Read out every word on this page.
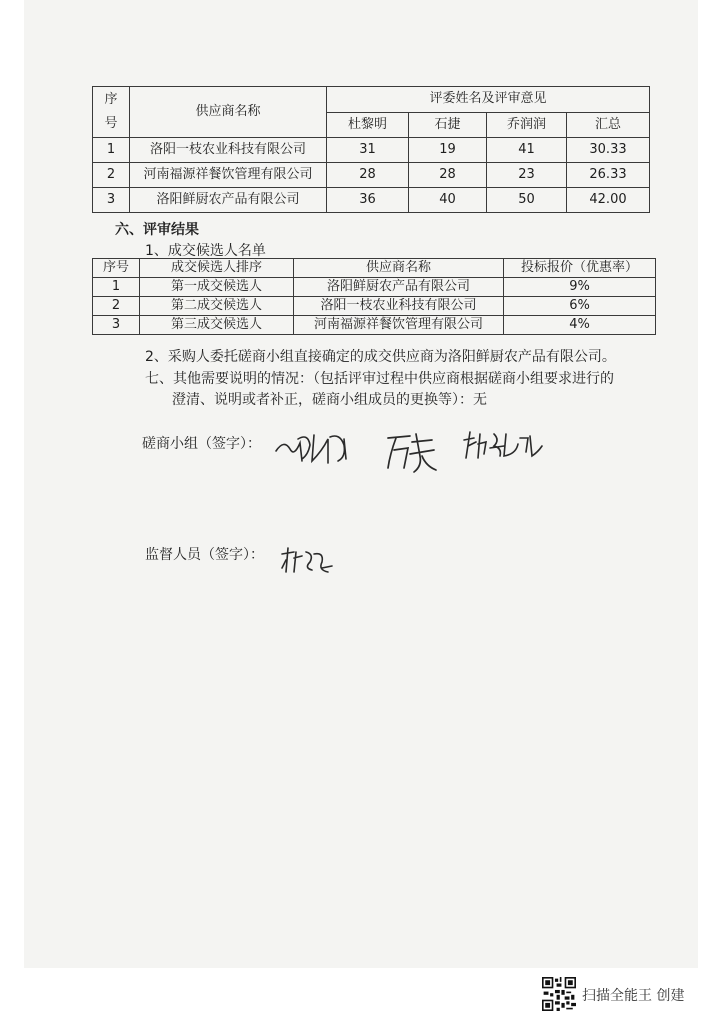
序号	供应商名称	评委姓名及评审意见			
		杜黎明	石捷	乔润润	汇总
1	洛阳一枝农业科技有限公司	31	19	41	30.33
2	河南福源祥餐饮管理有限公司	28	28	23	26.33
3	洛阳鲜厨农产品有限公司	36	40	50	42.00
六、评审结果
1、成交候选人名单
序号	成交候选人排序	供应商名称	投标报价（优惠率）
1	第一成交候选人	洛阳鲜厨农产品有限公司	9%
2	第二成交候选人	洛阳一枝农业科技有限公司	6%
3	第三成交候选人	河南福源祥餐饮管理有限公司	4%
2、采购人委托磋商小组直接确定的成交供应商为洛阳鲜厨农产品有限公司。
七、其他需要说明的情况：（包括评审过程中供应商根据磋商小组要求进行的
澄清、说明或者补正，磋商小组成员的更换等）：无
磋商小组（签字）：
监督人员（签字）：
扫描全能王 创建
